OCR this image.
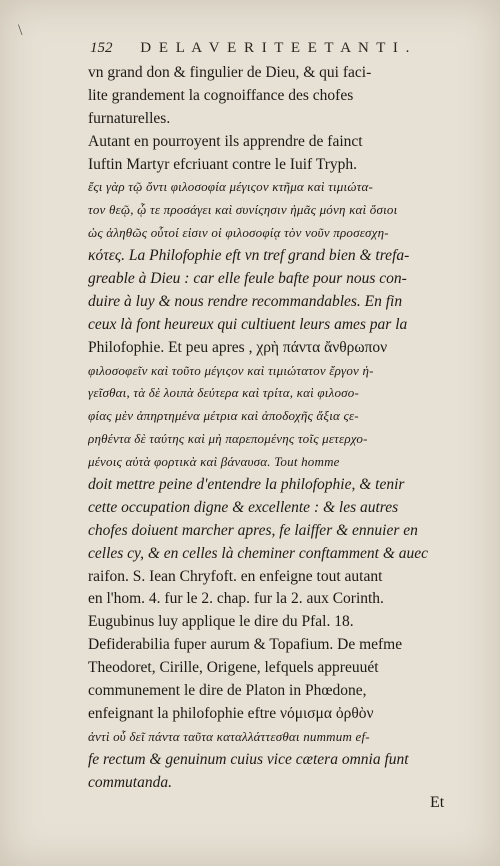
\
152 D E L A V E R I T E E T A N T I .
vn grand don & fingulier de Dieu, & qui faci-
lite grandement la cognoiffance des chofes
furnaturelles.
Autant en pourroyent ils apprendre de fainct
Iuftin Martyr efcriuant contre le Iuif Tryph.
ἔςι γὰρ τῷ ὄντι φιλοσοφία μέγιςον κτῆμα καὶ τιμιώτα-
τον θεῷ, ᾧ τε προσάγει καὶ συνίςησιν ἡμᾶς μόνη καὶ ὅσιοι
ὡς ἀληθῶς οὗτοί εἰσιν οἱ φιλοσοφίᾳ τὸν νοῦν προσεσχη-
κότες. La Philofophie eft vn tref grand bien & trefa-
greable à Dieu : car elle feule bafte pour nous con-
duire à luy & nous rendre recommandables. En fin
ceux là font heureux qui cultiuent leurs ames par la
Philofophie. Et peu apres , χρὴ πάντα ἄνθρωπον
φιλοσοφεῖν καὶ τοῦτο μέγιςον καὶ τιμιώτατον ἔργον ἡ-
γεῖσθαι, τὰ δὲ λοιπὰ δεύτερα καὶ τρίτα, καὶ φιλοσο-
φίας μὲν ἀπηρτημένα μέτρια καὶ ἀποδοχῆς ἄξια ςε-
ρηθέντα δὲ ταύτης καὶ μὴ παρεπομένης τοῖς μετερχο-
μένοις αὐτὰ φορτικὰ καὶ βάναυσα. Tout homme
doit mettre peine d'entendre la philofophie, & tenir
cette occupation digne & excellente : & les autres
chofes doiuent marcher apres, fe laiffer & ennuier en
celles cy, & en celles là cheminer conftamment & auec
raifon. S. Iean Chryfoft. en enfeigne tout autant
en l'hom. 4. fur le 2. chap. fur la 2. aux Corinth.
Eugubinus luy applique le dire du Pfal. 18.
Defiderabilia fuper aurum & Topafium. De mefme
Theodoret, Cirille, Origene, lefquels appreuuét
communement le dire de Platon in Phœdone,
enfeignant la philofophie eftre νόμισμα ὀρθὸν
ἀντὶ οὗ δεῖ πάντα ταῦτα καταλλάττεσθαι nummum ef-
fe rectum & genuinum cuius vice cætera omnia funt
commutanda.
Et
